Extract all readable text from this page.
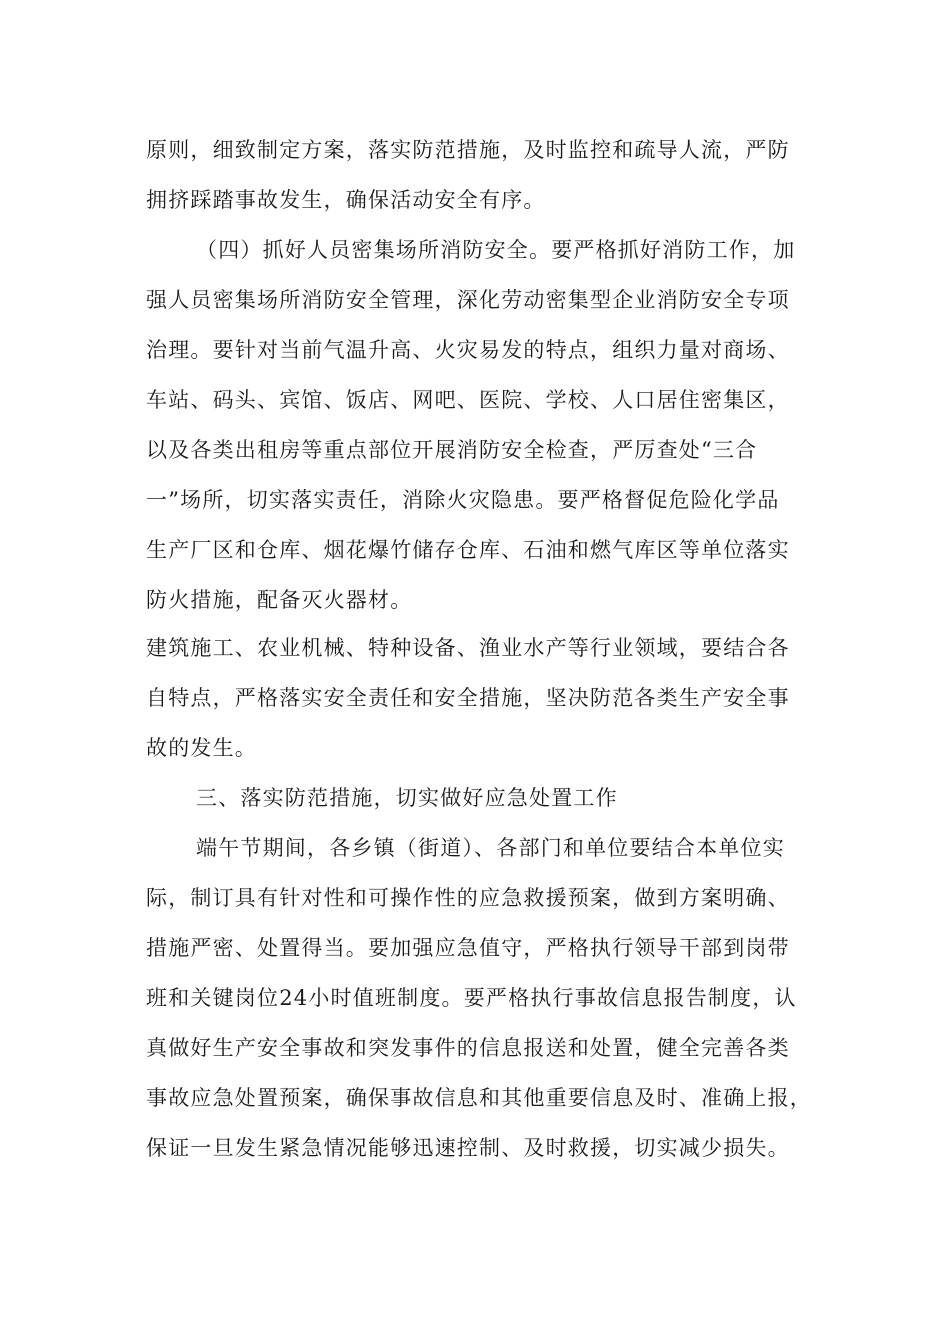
原则，细致制定方案，落实防范措施，及时监控和疏导人流，严防
拥挤踩踏事故发生，确保活动安全有序。
（四）抓好人员密集场所消防安全。要严格抓好消防工作，加
强人员密集场所消防安全管理，深化劳动密集型企业消防安全专项
治理。要针对当前气温升高、火灾易发的特点，组织力量对商场、
车站、码头、宾馆、饭店、网吧、医院、学校、人口居住密集区，
以及各类出租房等重点部位开展消防安全检查，严厉查处“三合
一”场所，切实落实责任，消除火灾隐患。要严格督促危险化学品
生产厂区和仓库、烟花爆竹储存仓库、石油和燃气库区等单位落实
防火措施，配备灭火器材。
建筑施工、农业机械、特种设备、渔业水产等行业领域，要结合各
自特点，严格落实安全责任和安全措施，坚决防范各类生产安全事
故的发生。
三、落实防范措施，切实做好应急处置工作
端午节期间，各乡镇（街道）、各部门和单位要结合本单位实
际，制订具有针对性和可操作性的应急救援预案，做到方案明确、
措施严密、处置得当。要加强应急值守，严格执行领导干部到岗带
班和关键岗位24小时值班制度。要严格执行事故信息报告制度，认
真做好生产安全事故和突发事件的信息报送和处置，健全完善各类
事故应急处置预案，确保事故信息和其他重要信息及时、准确上报，
保证一旦发生紧急情况能够迅速控制、及时救援，切实减少损失。
